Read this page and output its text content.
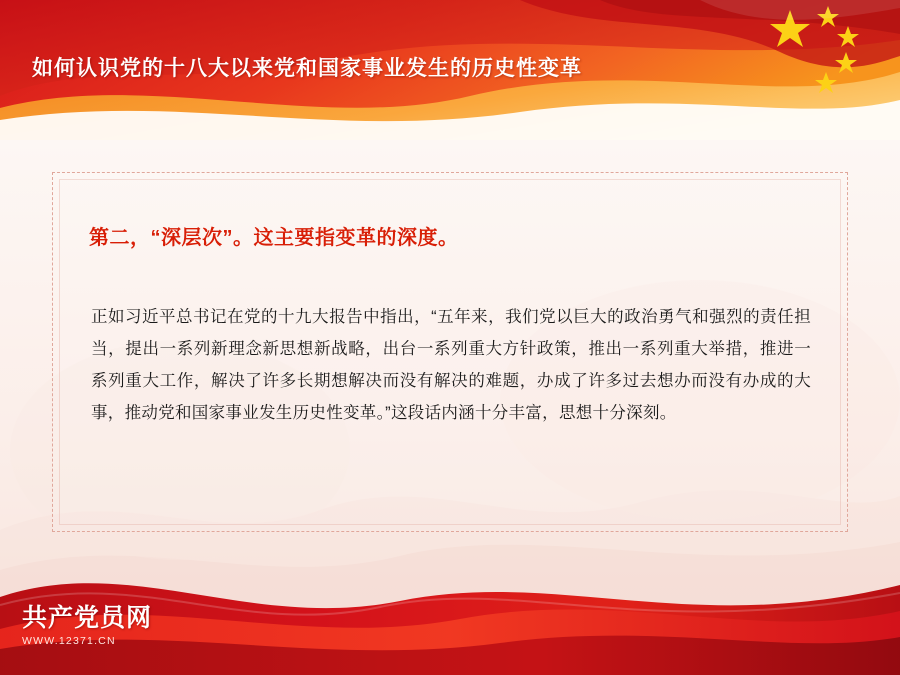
如何认识党的十八大以来党和国家事业发生的历史性变革
第二，“深层次”。这主要指变革的深度。
正如习近平总书记在党的十九大报告中指出，“五年来，我们党以巨大的政治勇气和强烈的责任担当，提出一系列新理念新思想新战略，出台一系列重大方针政策，推出一系列重大举措，推进一系列重大工作，解决了许多长期想解决而没有解决的难题，办成了许多过去想办而没有办成的大事，推动党和国家事业发生历史性变革。”这段话内涵十分丰富，思想十分深刻。
共产党员网
WWW.12371.CN
